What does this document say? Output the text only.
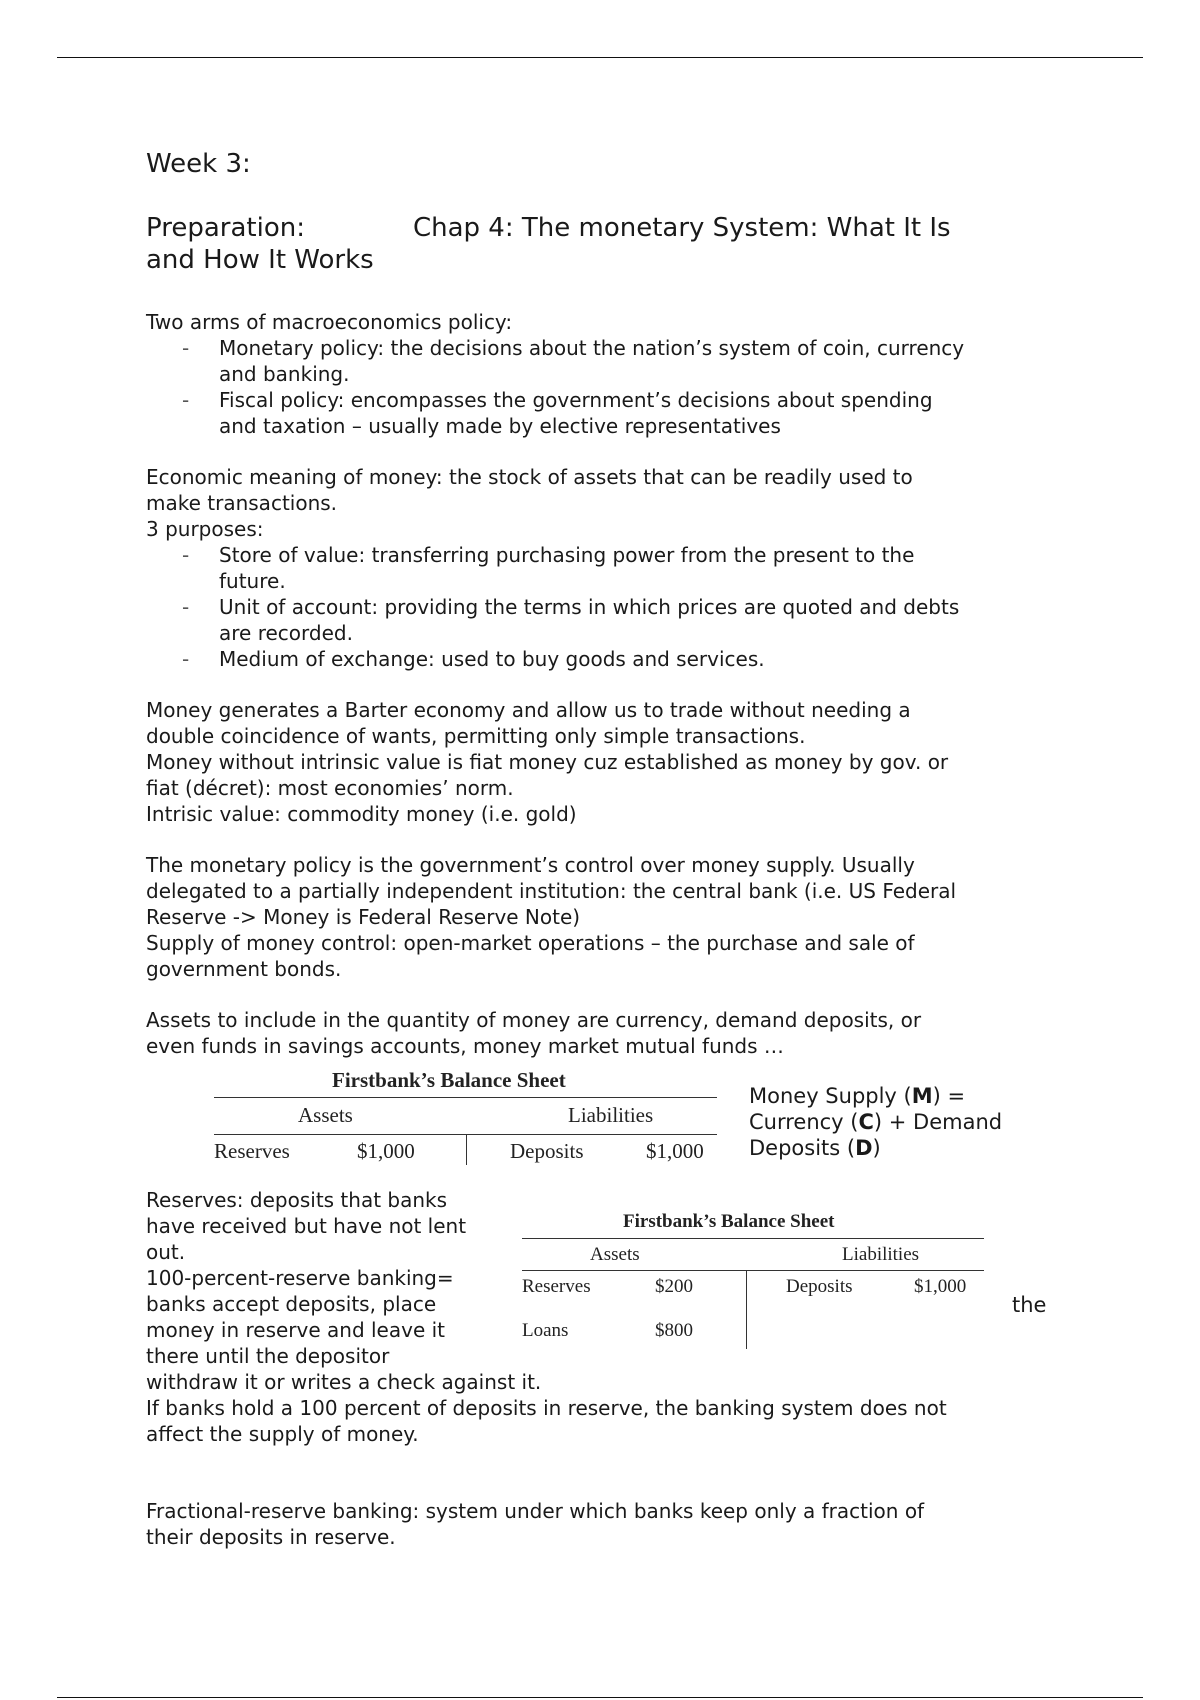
Week 3:
Preparation:	Chap 4: The monetary System: What It Is
and How It Works
Two arms of macroeconomics policy:
- Monetary policy: the decisions about the nation’s system of coin, currency
and banking.
- Fiscal policy: encompasses the government’s decisions about spending
and taxation – usually made by elective representatives
Economic meaning of money: the stock of assets that can be readily used to
make transactions.
3 purposes:
- Store of value: transferring purchasing power from the present to the
future.
- Unit of account: providing the terms in which prices are quoted and debts
are recorded.
- Medium of exchange: used to buy goods and services.
Money generates a Barter economy and allow us to trade without needing a
double coincidence of wants, permitting only simple transactions.
Money without intrinsic value is fiat money cuz established as money by gov. or
fiat (décret): most economies’ norm.
Intrisic value: commodity money (i.e. gold)
The monetary policy is the government’s control over money supply. Usually
delegated to a partially independent institution: the central bank (i.e. US Federal
Reserve -> Money is Federal Reserve Note)
Supply of money control: open-market operations – the purchase and sale of
government bonds.
Assets to include in the quantity of money are currency, demand deposits, or
even funds in savings accounts, money market mutual funds …
Reserves: deposits that banks
have received but have not lent
out.
100-percent-reserve banking=
banks accept deposits, place
money in reserve and leave it
there until the depositor
withdraw it or writes a check against it.
If banks hold a 100 percent of deposits in reserve, the banking system does not
affect the supply of money.
Fractional-reserve banking: system under which banks keep only a fraction of
their deposits in reserve.
Firstbank’s Balance Sheet
Assets	Liabilities
Reserves	$1,000	Deposits	$1,000
Money Supply (M) =
Currency (C) + Demand
Deposits (D)
Firstbank’s Balance Sheet
Assets	Liabilities
Reserves	$200	Deposits	$1,000
Loans	$800
the
